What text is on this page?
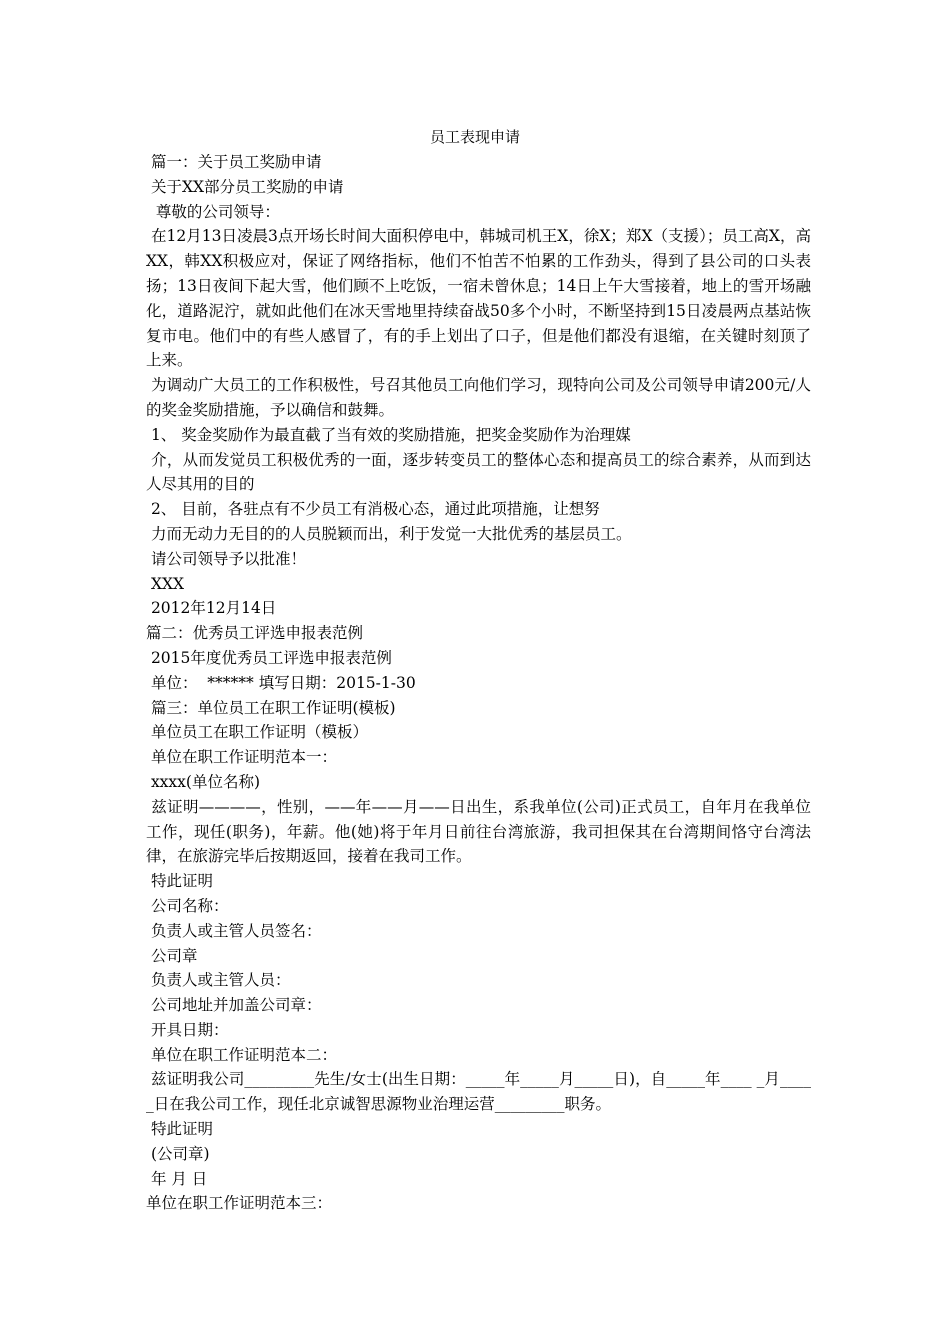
员工表现申请

篇一：关于员工奖励申请

关于XX部分员工奖励的申请

尊敬的公司领导：

在12月13日凌晨3点开场长时间大面积停电中，韩城司机王X，徐X；郑X（支援）；员工高X，高XX，韩XX积极应对，保证了网络指标，他们不怕苦不怕累的工作劲头，得到了县公司的口头表扬；13日夜间下起大雪，他们顾不上吃饭，一宿未曾休息；14日上午大雪接着，地上的雪开场融化，道路泥泞，就如此他们在冰天雪地里持续奋战50多个小时，不断坚持到15日凌晨两点基站恢复市电。他们中的有些人感冒了，有的手上划出了口子，但是他们都没有退缩，在关键时刻顶了上来。

为调动广大员工的工作积极性，号召其他员工向他们学习，现特向公司及公司领导申请200元/人的奖金奖励措施，予以确信和鼓舞。

1、 奖金奖励作为最直截了当有效的奖励措施，把奖金奖励作为治理媒

介，从而发觉员工积极优秀的一面，逐步转变员工的整体心态和提高员工的综合素养，从而到达人尽其用的目的

2、 目前，各驻点有不少员工有消极心态，通过此项措施，让想努

力而无动力无目的的人员脱颖而出，利于发觉一大批优秀的基层员工。

请公司领导予以批准！

XXX

2012年12月14日

篇二：优秀员工评选申报表范例

2015年度优秀员工评选申报表范例

单位：  ****** 填写日期：2015-1-30

篇三：单位员工在职工作证明(模板)

单位员工在职工作证明（模板）

单位在职工作证明范本一：

xxxx(单位名称)

兹证明————，性别，——年——月——日出生，系我单位(公司)正式员工，自年月在我单位工作，现任(职务)，年薪。他(她)将于年月日前往台湾旅游，我司担保其在台湾期间恪守台湾法律，在旅游完毕后按期返回，接着在我司工作。

特此证明

公司名称：

负责人或主管人员签名：

公司章

负责人或主管人员：

公司地址并加盖公司章：

开具日期：

单位在职工作证明范本二：

兹证明我公司_________先生/女士(出生日期：_____年_____月_____日)，自_____年____ _月_____日在我公司工作，现任北京诚智思源物业治理运营_________职务。

特此证明

(公司章)

年 月 日

单位在职工作证明范本三：
